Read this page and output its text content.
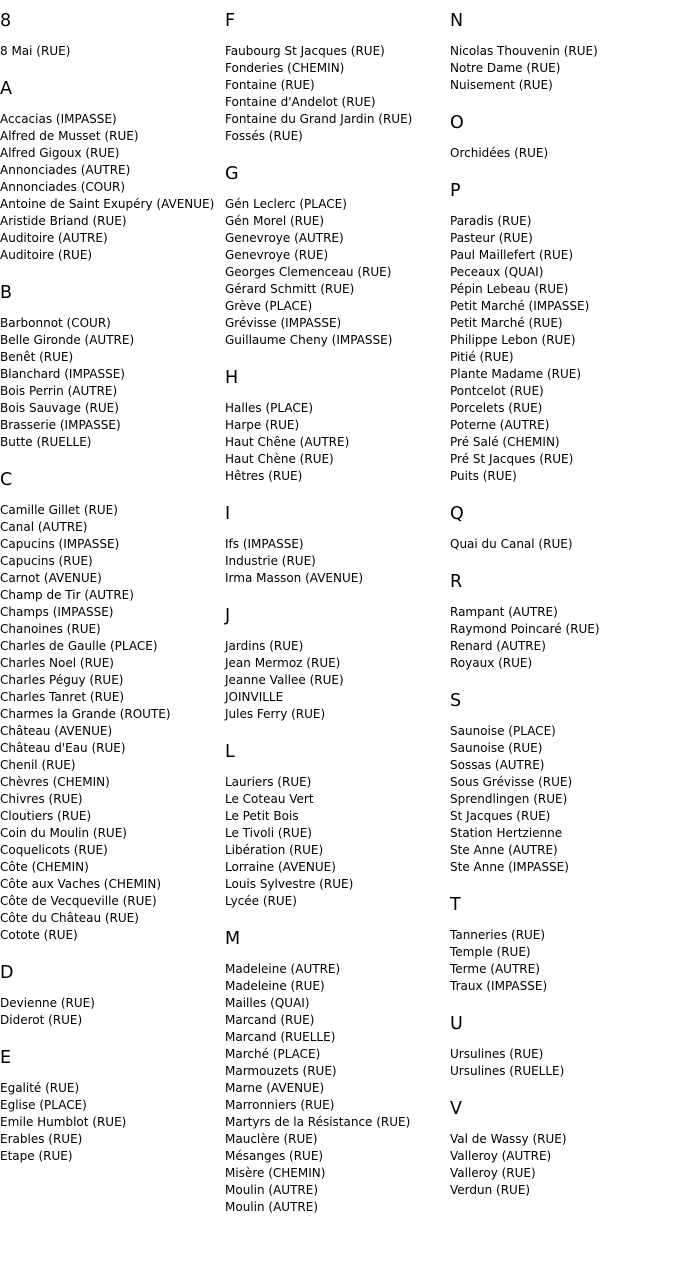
8
8 Mai (RUE)
A
Accacias (IMPASSE)
Alfred de Musset (RUE)
Alfred Gigoux (RUE)
Annonciades (AUTRE)
Annonciades (COUR)
Antoine de Saint Exupéry (AVENUE)
Aristide Briand (RUE)
Auditoire (AUTRE)
Auditoire (RUE)
B
Barbonnot (COUR)
Belle Gironde (AUTRE)
Benêt (RUE)
Blanchard (IMPASSE)
Bois Perrin (AUTRE)
Bois Sauvage (RUE)
Brasserie (IMPASSE)
Butte (RUELLE)
C
Camille Gillet (RUE)
Canal (AUTRE)
Capucins (IMPASSE)
Capucins (RUE)
Carnot (AVENUE)
Champ de Tir (AUTRE)
Champs (IMPASSE)
Chanoines (RUE)
Charles de Gaulle (PLACE)
Charles Noel (RUE)
Charles Péguy (RUE)
Charles Tanret (RUE)
Charmes la Grande (ROUTE)
Château (AVENUE)
Château d'Eau (RUE)
Chenil (RUE)
Chèvres (CHEMIN)
Chivres (RUE)
Cloutiers (RUE)
Coin du Moulin (RUE)
Coquelicots (RUE)
Côte (CHEMIN)
Côte aux Vaches (CHEMIN)
Côte de Vecqueville (RUE)
Côte du Château (RUE)
Cotote (RUE)
D
Devienne (RUE)
Diderot (RUE)
E
Egalité (RUE)
Eglise (PLACE)
Emile Humblot (RUE)
Erables (RUE)
Etape (RUE)
F
Faubourg St Jacques (RUE)
Fonderies (CHEMIN)
Fontaine (RUE)
Fontaine d'Andelot (RUE)
Fontaine du Grand Jardin (RUE)
Fossés (RUE)
G
Gén Leclerc (PLACE)
Gén Morel (RUE)
Genevroye (AUTRE)
Genevroye (RUE)
Georges Clemenceau (RUE)
Gérard Schmitt (RUE)
Grève (PLACE)
Grévisse (IMPASSE)
Guillaume Cheny (IMPASSE)
H
Halles (PLACE)
Harpe (RUE)
Haut Chêne (AUTRE)
Haut Chène (RUE)
Hêtres (RUE)
I
Ifs (IMPASSE)
Industrie (RUE)
Irma Masson (AVENUE)
J
Jardins (RUE)
Jean Mermoz (RUE)
Jeanne Vallee (RUE)
JOINVILLE
Jules Ferry (RUE)
L
Lauriers (RUE)
Le Coteau Vert
Le Petit Bois
Le Tivoli (RUE)
Libération (RUE)
Lorraine (AVENUE)
Louis Sylvestre (RUE)
Lycée (RUE)
M
Madeleine (AUTRE)
Madeleine (RUE)
Mailles (QUAI)
Marcand (RUE)
Marcand (RUELLE)
Marché (PLACE)
Marmouzets (RUE)
Marne (AVENUE)
Marronniers (RUE)
Martyrs de la Résistance (RUE)
Mauclère (RUE)
Mésanges (RUE)
Misère (CHEMIN)
Moulin (AUTRE)
Moulin (AUTRE)
N
Nicolas Thouvenin (RUE)
Notre Dame (RUE)
Nuisement (RUE)
O
Orchidées (RUE)
P
Paradis (RUE)
Pasteur (RUE)
Paul Maillefert (RUE)
Peceaux (QUAI)
Pépin Lebeau (RUE)
Petit Marché (IMPASSE)
Petit Marché (RUE)
Philippe Lebon (RUE)
Pitié (RUE)
Plante Madame (RUE)
Pontcelot (RUE)
Porcelets (RUE)
Poterne (AUTRE)
Pré Salé (CHEMIN)
Pré St Jacques (RUE)
Puits (RUE)
Q
Quai du Canal (RUE)
R
Rampant (AUTRE)
Raymond Poincaré (RUE)
Renard (AUTRE)
Royaux (RUE)
S
Saunoise (PLACE)
Saunoise (RUE)
Sossas (AUTRE)
Sous Grévisse (RUE)
Sprendlingen (RUE)
St Jacques (RUE)
Station Hertzienne
Ste Anne (AUTRE)
Ste Anne (IMPASSE)
T
Tanneries (RUE)
Temple (RUE)
Terme (AUTRE)
Traux (IMPASSE)
U
Ursulines (RUE)
Ursulines (RUELLE)
V
Val de Wassy (RUE)
Valleroy (AUTRE)
Valleroy (RUE)
Verdun (RUE)
